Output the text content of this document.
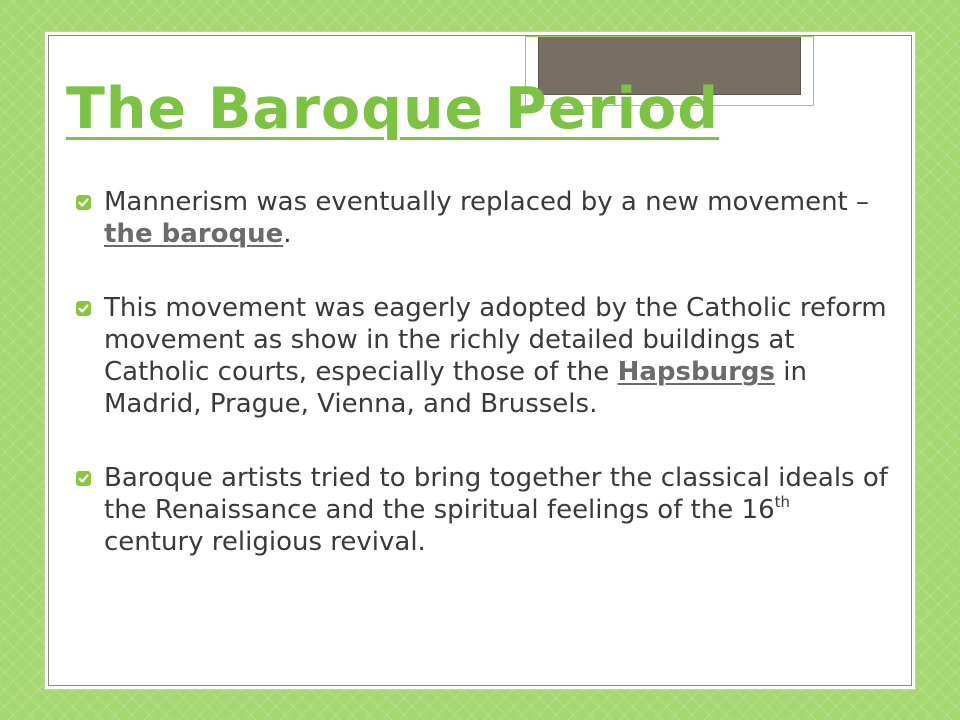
The Baroque Period
Mannerism was eventually replaced by a new movement – the baroque.
This movement was eagerly adopted by the Catholic reform movement as show in the richly detailed buildings at Catholic courts, especially those of the Hapsburgs in Madrid, Prague, Vienna, and Brussels.
Baroque artists tried to bring together the classical ideals of the Renaissance and the spiritual feelings of the 16th century religious revival.
